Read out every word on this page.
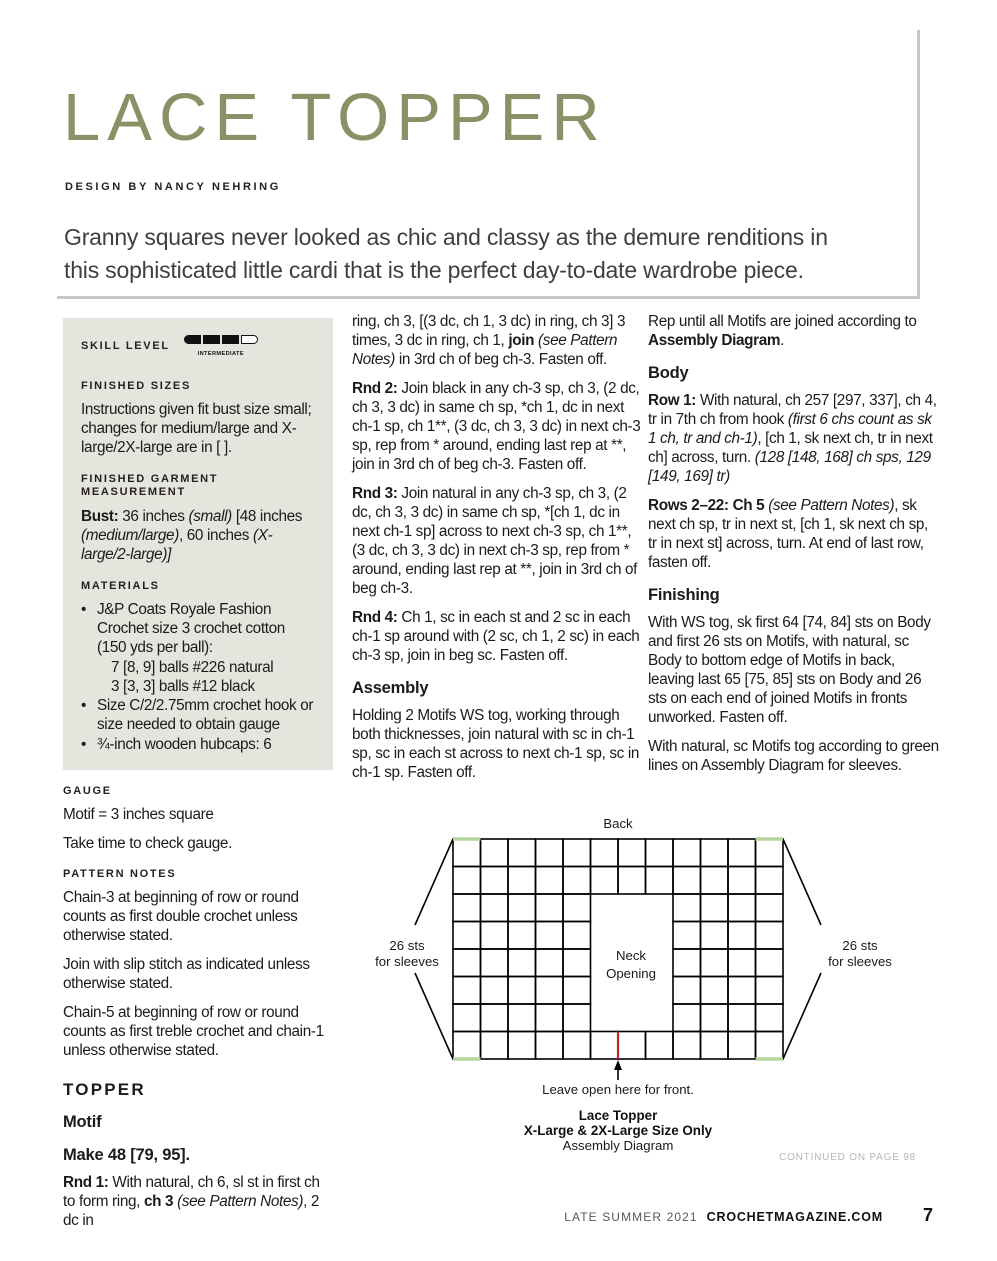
LACE TOPPER
DESIGN BY NANCY NEHRING
Granny squares never looked as chic and classy as the demure renditions in this sophisticated little cardi that is the perfect day-to-date wardrobe piece.
SKILL LEVEL
INTERMEDIATE
FINISHED SIZES
Instructions given fit bust size small; changes for medium/large and X-large/2X-large are in [ ].
FINISHED GARMENT MEASUREMENT
Bust: 36 inches (small) [48 inches (medium/large), 60 inches (X-large/2-large)]
MATERIALS
• J&P Coats Royale Fashion Crochet size 3 crochet cotton (150 yds per ball):
7 [8, 9] balls #226 natural
3 [3, 3] balls #12 black
• Size C/2/2.75mm crochet hook or size needed to obtain gauge
• ¾-inch wooden hubcaps: 6
GAUGE
Motif = 3 inches square
Take time to check gauge.
PATTERN NOTES
Chain-3 at beginning of row or round counts as first double crochet unless otherwise stated.
Join with slip stitch as indicated unless otherwise stated.
Chain-5 at beginning of row or round counts as first treble crochet and chain-1 unless otherwise stated.
TOPPER
Motif
Make 48 [79, 95].
Rnd 1: With natural, ch 6, sl st in first ch to form ring, ch 3 (see Pattern Notes), 2 dc in
ring, ch 3, [(3 dc, ch 1, 3 dc) in ring, ch 3] 3 times, 3 dc in ring, ch 1, join (see Pattern Notes) in 3rd ch of beg ch-3. Fasten off.
Rnd 2: Join black in any ch-3 sp, ch 3, (2 dc, ch 3, 3 dc) in same ch sp, *ch 1, dc in next ch-1 sp, ch 1**, (3 dc, ch 3, 3 dc) in next ch-3 sp, rep from * around, ending last rep at **, join in 3rd ch of beg ch-3. Fasten off.
Rnd 3: Join natural in any ch-3 sp, ch 3, (2 dc, ch 3, 3 dc) in same ch sp, *[ch 1, dc in next ch-1 sp] across to next ch-3 sp, ch 1**, (3 dc, ch 3, 3 dc) in next ch-3 sp, rep from * around, ending last rep at **, join in 3rd ch of beg ch-3.
Rnd 4: Ch 1, sc in each st and 2 sc in each ch-1 sp around with (2 sc, ch 1, 2 sc) in each ch-3 sp, join in beg sc. Fasten off.
Assembly
Holding 2 Motifs WS tog, working through both thicknesses, join natural with sc in ch-1 sp, sc in each st across to next ch-1 sp, sc in ch-1 sp. Fasten off.
Rep until all Motifs are joined according to Assembly Diagram.
Body
Row 1: With natural, ch 257 [297, 337], ch 4, tr in 7th ch from hook (first 6 chs count as sk 1 ch, tr and ch-1), [ch 1, sk next ch, tr in next ch] across, turn. (128 [148, 168] ch sps, 129 [149, 169] tr)
Rows 2–22: Ch 5 (see Pattern Notes), sk next ch sp, tr in next st, [ch 1, sk next ch sp, tr in next st] across, turn. At end of last row, fasten off.
Finishing
With WS tog, sk first 64 [74, 84] sts on Body and first 26 sts on Motifs, with natural, sc Body to bottom edge of Motifs in back, leaving last 65 [75, 85] sts on Body and 26 sts on each end of joined Motifs in fronts unworked. Fasten off.
With natural, sc Motifs tog according to green lines on Assembly Diagram for sleeves.
Back
Neck
Opening
26 sts
for sleeves
26 sts
for sleeves
Leave open here for front.
Lace Topper
X-Large & 2X-Large Size Only
Assembly Diagram
CONTINUED ON PAGE 98
LATE SUMMER 2021 CROCHETMAGAZINE.COM 7
